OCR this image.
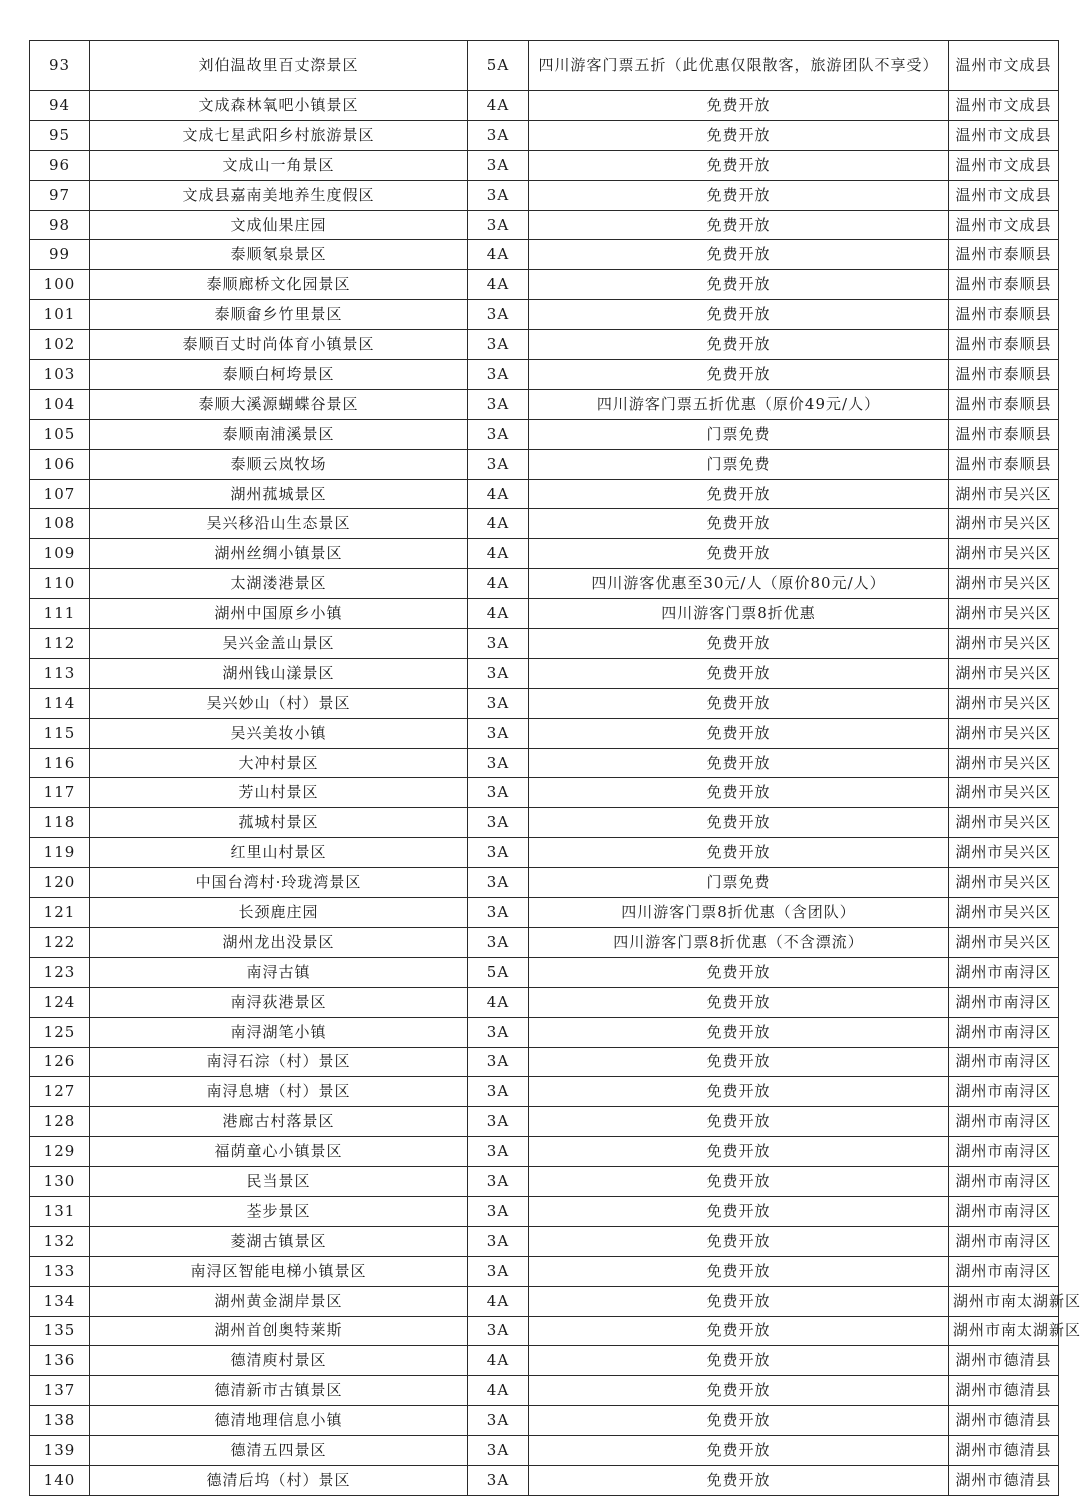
93	刘伯温故里百丈漈景区	5A	四川游客门票五折（此优惠仅限散客，旅游团队不享受）	温州市文成县
94	文成森林氧吧小镇景区	4A	免费开放	温州市文成县
95	文成七星武阳乡村旅游景区	3A	免费开放	温州市文成县
96	文成山一角景区	3A	免费开放	温州市文成县
97	文成县嘉南美地养生度假区	3A	免费开放	温州市文成县
98	文成仙果庄园	3A	免费开放	温州市文成县
99	泰顺氡泉景区	4A	免费开放	温州市泰顺县
100	泰顺廊桥文化园景区	4A	免费开放	温州市泰顺县
101	泰顺畲乡竹里景区	3A	免费开放	温州市泰顺县
102	泰顺百丈时尚体育小镇景区	3A	免费开放	温州市泰顺县
103	泰顺白柯垮景区	3A	免费开放	温州市泰顺县
104	泰顺大溪源蝴蝶谷景区	3A	四川游客门票五折优惠（原价49元/人）	温州市泰顺县
105	泰顺南浦溪景区	3A	门票免费	温州市泰顺县
106	泰顺云岚牧场	3A	门票免费	温州市泰顺县
107	湖州菰城景区	4A	免费开放	湖州市吴兴区
108	吴兴移沿山生态景区	4A	免费开放	湖州市吴兴区
109	湖州丝绸小镇景区	4A	免费开放	湖州市吴兴区
110	太湖溇港景区	4A	四川游客优惠至30元/人（原价80元/人）	湖州市吴兴区
111	湖州中国原乡小镇	4A	四川游客门票8折优惠	湖州市吴兴区
112	吴兴金盖山景区	3A	免费开放	湖州市吴兴区
113	湖州钱山漾景区	3A	免费开放	湖州市吴兴区
114	吴兴妙山（村）景区	3A	免费开放	湖州市吴兴区
115	吴兴美妆小镇	3A	免费开放	湖州市吴兴区
116	大冲村景区	3A	免费开放	湖州市吴兴区
117	芳山村景区	3A	免费开放	湖州市吴兴区
118	菰城村景区	3A	免费开放	湖州市吴兴区
119	红里山村景区	3A	免费开放	湖州市吴兴区
120	中国台湾村·玲珑湾景区	3A	门票免费	湖州市吴兴区
121	长颈鹿庄园	3A	四川游客门票8折优惠（含团队）	湖州市吴兴区
122	湖州龙出没景区	3A	四川游客门票8折优惠（不含漂流）	湖州市吴兴区
123	南浔古镇	5A	免费开放	湖州市南浔区
124	南浔荻港景区	4A	免费开放	湖州市南浔区
125	南浔湖笔小镇	3A	免费开放	湖州市南浔区
126	南浔石淙（村）景区	3A	免费开放	湖州市南浔区
127	南浔息塘（村）景区	3A	免费开放	湖州市南浔区
128	港廊古村落景区	3A	免费开放	湖州市南浔区
129	福荫童心小镇景区	3A	免费开放	湖州市南浔区
130	民当景区	3A	免费开放	湖州市南浔区
131	荃步景区	3A	免费开放	湖州市南浔区
132	菱湖古镇景区	3A	免费开放	湖州市南浔区
133	南浔区智能电梯小镇景区	3A	免费开放	湖州市南浔区
134	湖州黄金湖岸景区	4A	免费开放	湖州市南太湖新区
135	湖州首创奥特莱斯	3A	免费开放	湖州市南太湖新区
136	德清庾村景区	4A	免费开放	湖州市德清县
137	德清新市古镇景区	4A	免费开放	湖州市德清县
138	德清地理信息小镇	3A	免费开放	湖州市德清县
139	德清五四景区	3A	免费开放	湖州市德清县
140	德清后坞（村）景区	3A	免费开放	湖州市德清县
